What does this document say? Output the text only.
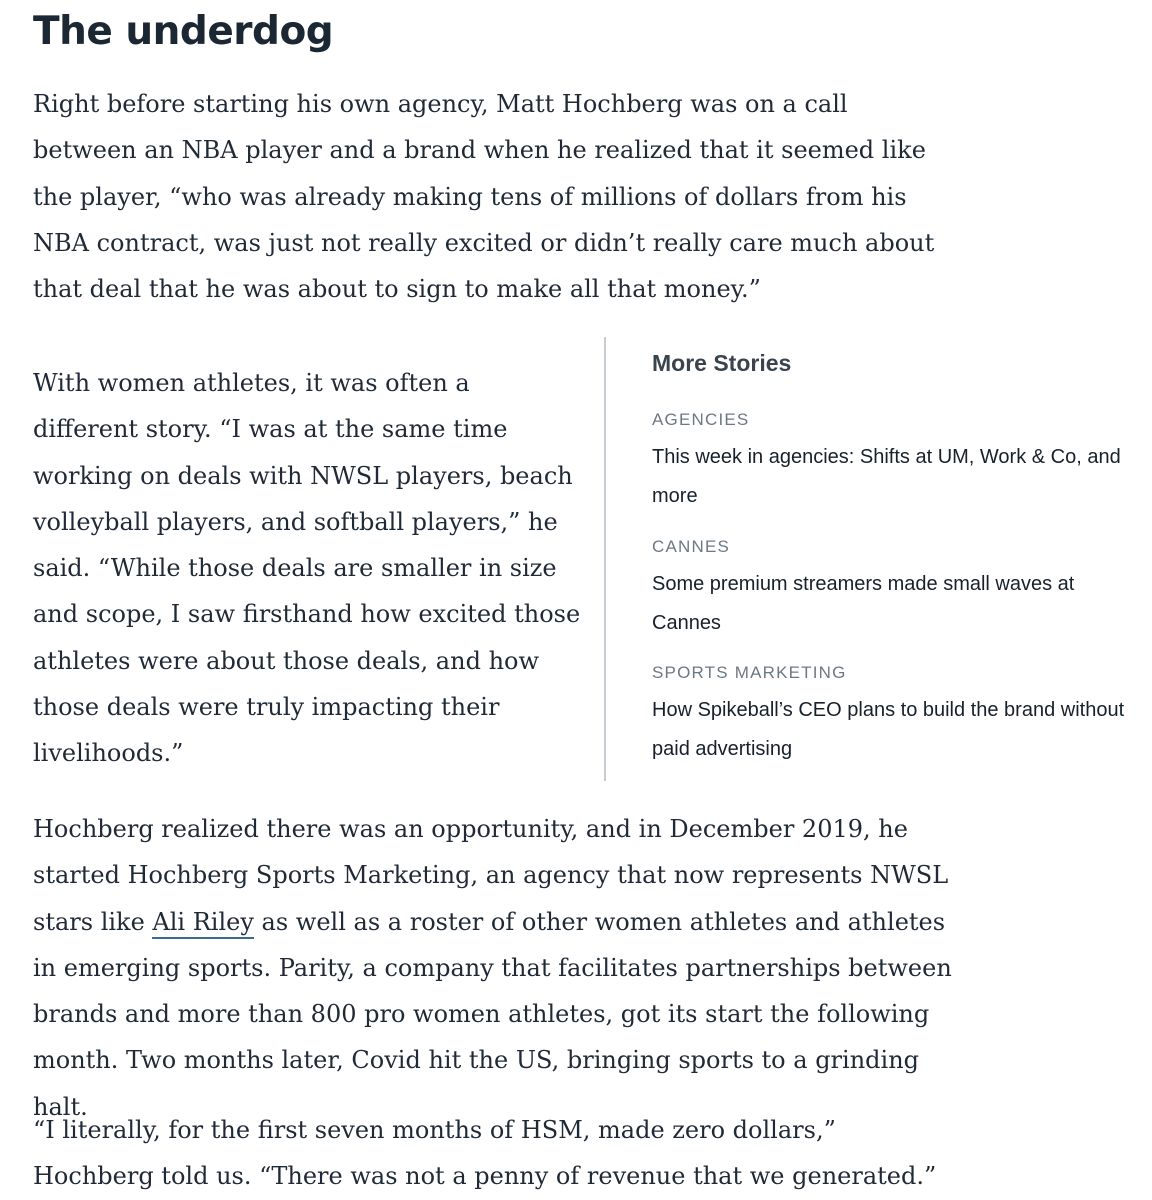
The underdog

Right before starting his own agency, Matt Hochberg was on a call between an NBA player and a brand when he realized that it seemed like the player, “who was already making tens of millions of dollars from his NBA contract, was just not really excited or didn’t really care much about that deal that he was about to sign to make all that money.”

With women athletes, it was often a different story. “I was at the same time working on deals with NWSL players, beach volleyball players, and softball players,” he said. “While those deals are smaller in size and scope, I saw firsthand how excited those athletes were about those deals, and how those deals were truly impacting their livelihoods.”

More Stories
AGENCIES
This week in agencies: Shifts at UM, Work & Co, and more
CANNES
Some premium streamers made small waves at Cannes
SPORTS MARKETING
How Spikeball’s CEO plans to build the brand without paid advertising

Hochberg realized there was an opportunity, and in December 2019, he started Hochberg Sports Marketing, an agency that now represents NWSL stars like Ali Riley as well as a roster of other women athletes and athletes in emerging sports. Parity, a company that facilitates partnerships between brands and more than 800 pro women athletes, got its start the following month. Two months later, Covid hit the US, bringing sports to a grinding halt.

“I literally, for the first seven months of HSM, made zero dollars,” Hochberg told us. “There was not a penny of revenue that we generated.”
